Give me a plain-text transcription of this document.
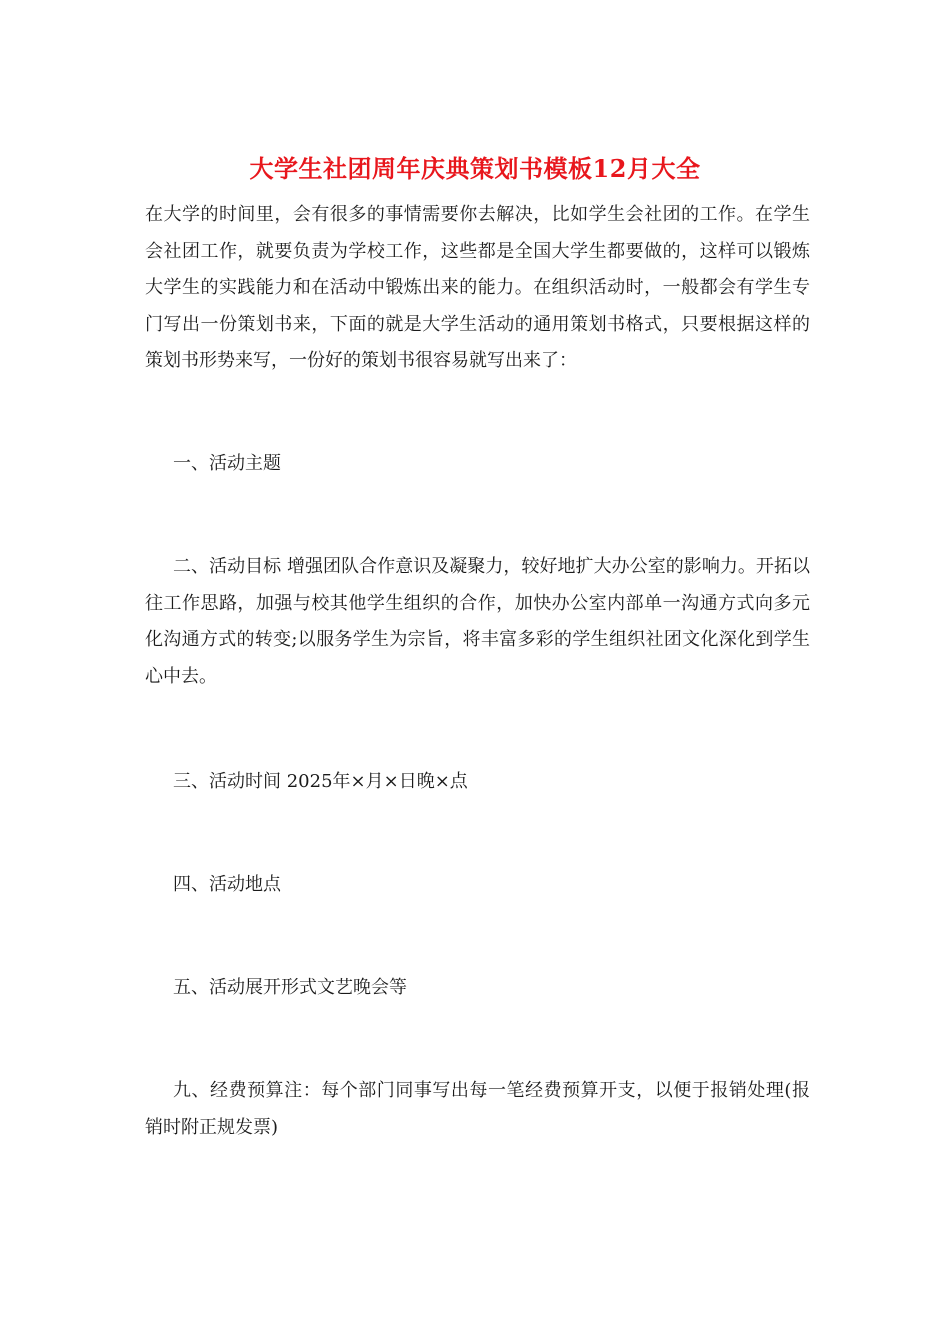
大学生社团周年庆典策划书模板12月大全
在大学的时间里，会有很多的事情需要你去解决，比如学生会社团的工作。在学生会社团工作，就要负责为学校工作，这些都是全国大学生都要做的，这样可以锻炼大学生的实践能力和在活动中锻炼出来的能力。在组织活动时，一般都会有学生专门写出一份策划书来，下面的就是大学生活动的通用策划书格式，只要根据这样的策划书形势来写，一份好的策划书很容易就写出来了：
一、活动主题
二、活动目标 增强团队合作意识及凝聚力，较好地扩大办公室的影响力。开拓以往工作思路，加强与校其他学生组织的合作，加快办公室内部单一沟通方式向多元化沟通方式的转变;以服务学生为宗旨，将丰富多彩的学生组织社团文化深化到学生心中去。
三、活动时间 2025年×月×日晚×点
四、活动地点
五、活动展开形式文艺晚会等
九、经费预算注：每个部门同事写出每一笔经费预算开支，以便于报销处理(报销时附正规发票)
